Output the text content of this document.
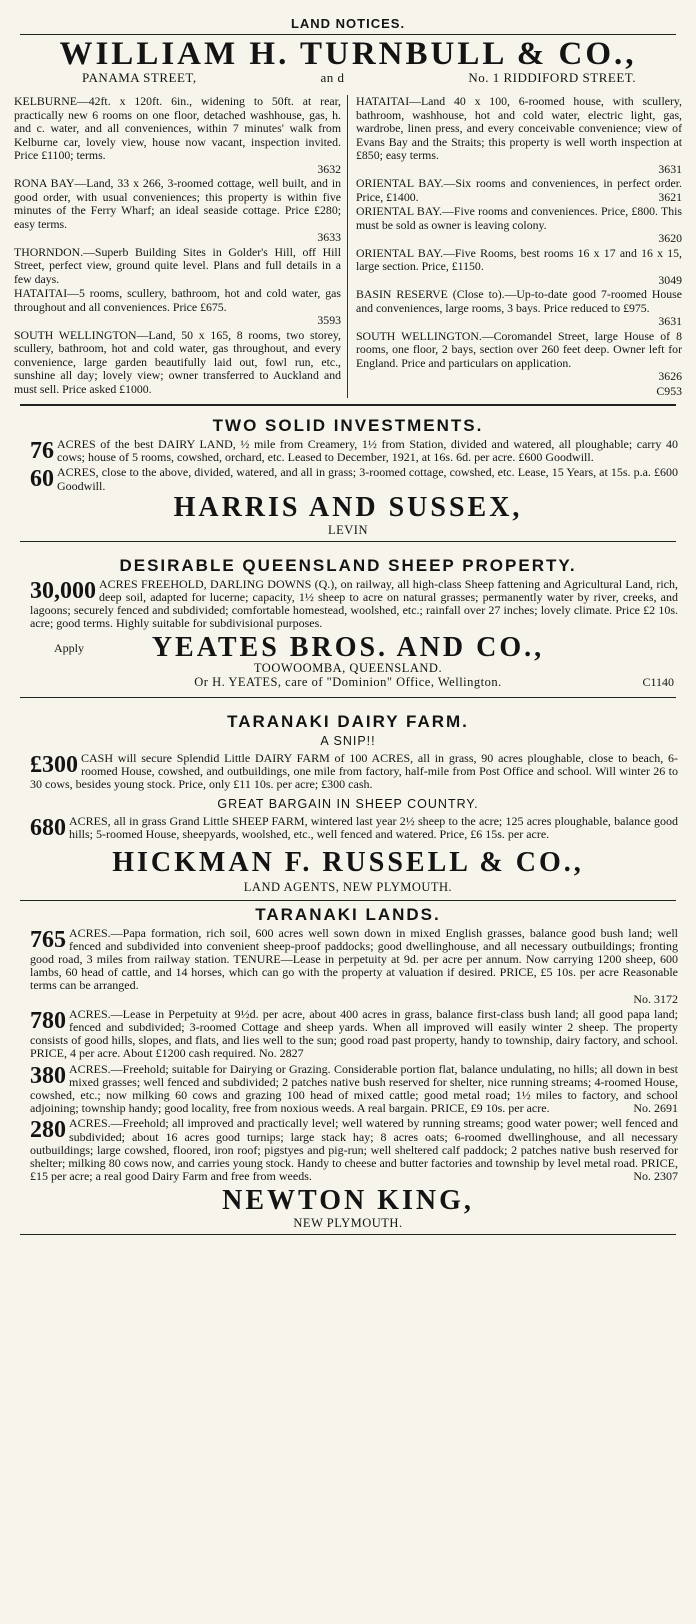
LAND NOTICES.
WILLIAM H. TURNBULL & CO.,
PANAMA STREET,	an d	No. 1 RIDDIFORD STREET.
KELBURNE—42ft. x 120ft. 6in., widening to 50ft. at rear, practically new 6 rooms on one floor, detached washhouse, gas, h. and c. water, and all conveniences, within 7 minutes' walk from Kelburne car, lovely view, house now vacant, inspection invited. Price £1100; terms.
3632
RONA BAY—Land, 33 x 266, 3-roomed cottage, well built, and in good order, with usual conveniences; this property is within five minutes of the Ferry Wharf; an ideal seaside cottage. Price £280; easy terms.
3633
THORNDON.—Superb Building Sites in Golder's Hill, off Hill Street, perfect view, ground quite level. Plans and full details in a few days.
HATAITAI—5 rooms, scullery, bathroom, hot and cold water, gas throughout and all conveniences. Price £675.
3593
SOUTH WELLINGTON—Land, 50 x 165, 8 rooms, two storey, scullery, bathroom, hot and cold water, gas throughout, and every convenience, large garden beautifully laid out, fowl run, etc., sunshine all day; lovely view; owner transferred to Auckland and must sell. Price asked £1000.
HATAITAI—Land 40 x 100, 6-roomed house, with scullery, bathroom, washhouse, hot and cold water, electric light, gas, wardrobe, linen press, and every conceivable convenience; view of Evans Bay and the Straits; this property is well worth inspection at £850; easy terms.
3631
ORIENTAL BAY.—Six rooms and conveniences, in perfect order. Price, £1400.	3621
ORIENTAL BAY.—Five rooms and conveniences. Price, £800. This must be sold as owner is leaving colony.
3620
ORIENTAL BAY.—Five Rooms, best rooms 16 x 17 and 16 x 15, large section. Price, £1150.
3049
BASIN RESERVE (Close to).—Up-to-date good 7-roomed House and conveniences, large rooms, 3 bays. Price reduced to £975.
3631
SOUTH WELLINGTON.—Coromandel Street, large House of 8 rooms, one floor, 2 bays, section over 260 feet deep. Owner left for England. Price and particulars on application.
3626
C953
TWO SOLID INVESTMENTS.
76 ACRES of the best DAIRY LAND, ½ mile from Creamery, 1½ from Station, divided and watered, all ploughable; carry 40 cows; house of 5 rooms, cowshed, orchard, etc. Leased to December, 1921, at 16s. 6d. per acre. £600 Goodwill.
60 ACRES, close to the above, divided, watered, and all in grass; 3-roomed cottage, cowshed, etc. Lease, 15 Years, at 15s. p.a. £600 Goodwill.
HARRIS AND SUSSEX,
LEVIN
DESIRABLE QUEENSLAND SHEEP PROPERTY.
30,000 ACRES FREEHOLD, DARLING DOWNS (Q.), on railway, all high-class Sheep fattening and Agricultural Land, rich, deep soil, adapted for lucerne; capacity, 1½ sheep to acre on natural grasses; permanently water by river, creeks, and lagoons; securely fenced and subdivided; comfortable homestead, woolshed, etc.; rainfall over 27 inches; lovely climate. Price £2 10s. acre; good terms. Highly suitable for subdivisional purposes.
Apply	YEATES BROS. AND CO.,
TOOWOOMBA, QUEENSLAND.
Or H. YEATES, care of "Dominion" Office, Wellington.	C1140
TARANAKI DAIRY FARM.
A SNIP!!
£300 CASH will secure Splendid Little DAIRY FARM of 100 ACRES, all in grass, 90 acres ploughable, close to beach, 6-roomed House, cowshed, and outbuildings, one mile from factory, half-mile from Post Office and school. Will winter 26 to 30 cows, besides young stock. Price, only £11 10s. per acre; £300 cash.
GREAT BARGAIN IN SHEEP COUNTRY.
680 ACRES, all in grass Grand Little SHEEP FARM, wintered last year 2½ sheep to the acre; 125 acres ploughable, balance good hills; 5-roomed House, sheepyards, woolshed, etc., well fenced and watered. Price, £6 15s. per acre.
HICKMAN F. RUSSELL & CO.,
LAND AGENTS, NEW PLYMOUTH.
TARANAKI LANDS.
765 ACRES.—Papa formation, rich soil, 600 acres well sown down in mixed English grasses, balance good bush land; well fenced and subdivided into convenient sheep-proof paddocks; good dwellinghouse, and all necessary outbuildings; fronting good road, 3 miles from railway station. TENURE—Lease in perpetuity at 9d. per acre per annum. Now carrying 1200 sheep, 600 lambs, 60 head of cattle, and 14 horses, which can go with the property at valuation if desired. PRICE, £5 10s. per acre Reasonable terms can be arranged.
No. 3172
780 ACRES.—Lease in Perpetuity at 9½d. per acre, about 400 acres in grass, balance first-class bush land; all good papa land; fenced and subdivided; 3-roomed Cottage and sheep yards. When all improved will easily winter 2 sheep. The property consists of good hills, slopes, and flats, and lies well to the sun; good road past property, handy to township, dairy factory, and school. PRICE, 4 per acre. About £1200 cash required. No. 2827
380 ACRES.—Freehold; suitable for Dairying or Grazing. Considerable portion flat, balance undulating, no hills; all down in best mixed grasses; well fenced and subdivided; 2 patches native bush reserved for shelter, nice running streams; 4-roomed House, cowshed, etc.; now milking 60 cows and grazing 100 head of mixed cattle; good metal road; 1½ miles to factory, and school adjoining; township handy; good locality, free from noxious weeds. A real bargain. PRICE, £9 10s. per acre.	No. 2691
280 ACRES.—Freehold; all improved and practically level; well watered by running streams; good water power; well fenced and subdivided; about 16 acres good turnips; large stack hay; 8 acres oats; 6-roomed dwellinghouse, and all necessary outbuildings; large cowshed, floored, iron roof; pigstyes and pig-run; well sheltered calf paddock; 2 patches native bush reserved for shelter; milking 80 cows now, and carries young stock. Handy to cheese and butter factories and township by level metal road. PRICE, £15 per acre; a real good Dairy Farm and free from weeds.	No. 2307
NEWTON KING,
NEW PLYMOUTH.
